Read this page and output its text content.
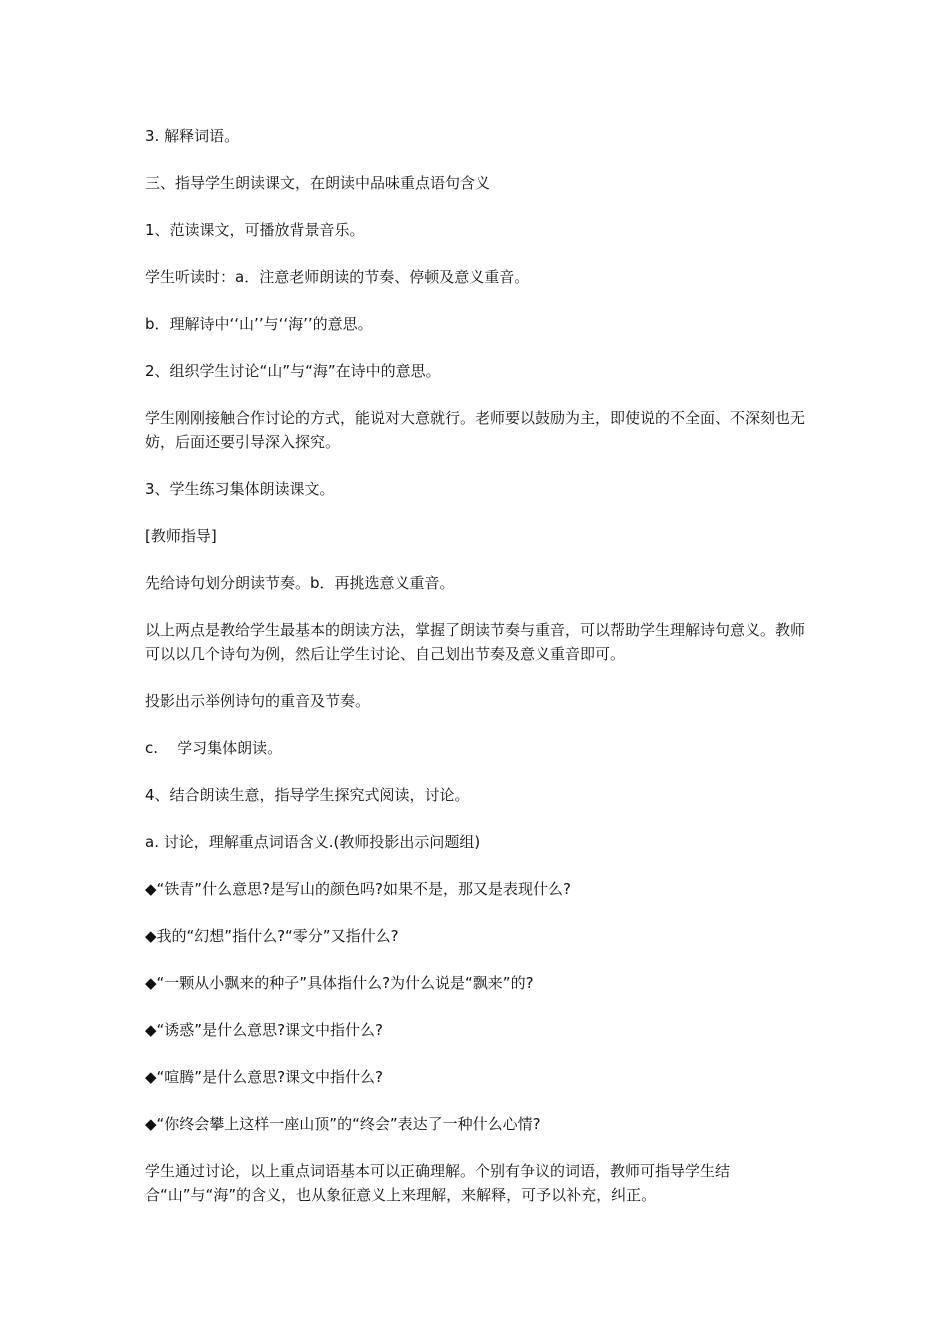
3. 解释词语。

三、指导学生朗读课文，在朗读中品味重点语句含义

1、范读课文，可播放背景音乐。

学生听读时：a．注意老师朗读的节奏、停顿及意义重音。

b．理解诗中‘‘山’’与‘‘海’’的意思。

2、组织学生讨论“山”与“海”在诗中的意思。

学生刚刚接触合作讨论的方式，能说对大意就行。老师要以鼓励为主，即使说的不全面、不深刻也无妨，后面还要引导深入探究。

3、学生练习集体朗读课文。

[教师指导]

先给诗句划分朗读节奏。b．再挑选意义重音。

以上两点是教给学生最基本的朗读方法，掌握了朗读节奏与重音，可以帮助学生理解诗句意义。教师可以以几个诗句为例，然后让学生讨论、自己划出节奏及意义重音即可。

投影出示举例诗句的重音及节奏。

c.    学习集体朗读。

4、结合朗读生意，指导学生探究式阅读，讨论。

a. 讨论，理解重点词语含义.(教师投影出示问题组)

◆“铁青”什么意思?是写山的颜色吗?如果不是，那又是表现什么?

◆我的“幻想”指什么?“零分”又指什么?

◆“一颗从小飘来的种子”具体指什么?为什么说是“飘来”的?

◆“诱惑”是什么意思?课文中指什么?

◆“喧腾”是什么意思?课文中指什么?

◆“你终会攀上这样一座山顶”的“终会”表达了一种什么心情?

学生通过讨论，以上重点词语基本可以正确理解。个别有争议的词语，教师可指导学生结合“山”与“海”的含义，也从象征意义上来理解，来解释，可予以补充，纠正。
